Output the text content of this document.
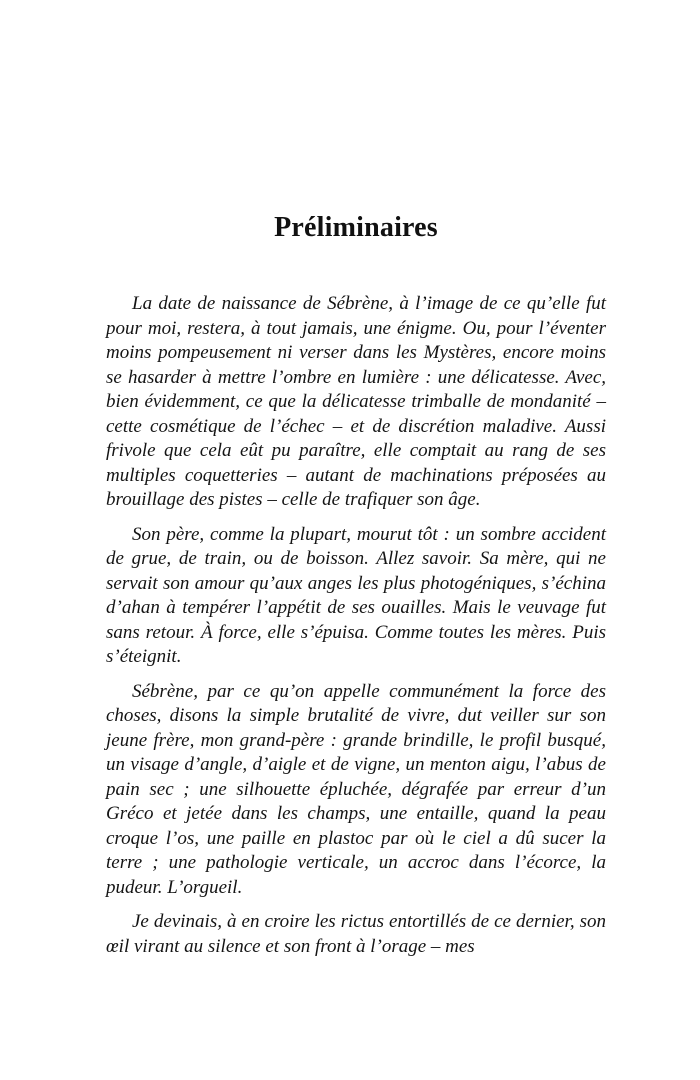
Préliminaires

La date de naissance de Sébrène, à l’image de ce qu’elle fut pour moi, restera, à tout jamais, une énigme. Ou, pour l’éventer moins pompeusement ni verser dans les Mystères, encore moins se hasarder à mettre l’ombre en lumière : une délicatesse. Avec, bien évidemment, ce que la délicatesse trimballe de mondanité – cette cosmétique de l’échec – et de discrétion maladive. Aussi frivole que cela eût pu paraître, elle comptait au rang de ses multiples coquetteries – autant de machinations préposées au brouillage des pistes – celle de trafiquer son âge.

Son père, comme la plupart, mourut tôt : un sombre accident de grue, de train, ou de boisson. Allez savoir. Sa mère, qui ne servait son amour qu’aux anges les plus photogéniques, s’échina d’ahan à tempérer l’appétit de ses ouailles. Mais le veuvage fut sans retour. À force, elle s’épuisa. Comme toutes les mères. Puis s’éteignit.

Sébrène, par ce qu’on appelle communément la force des choses, disons la simple brutalité de vivre, dut veiller sur son jeune frère, mon grand-père : grande brindille, le profil busqué, un visage d’angle, d’aigle et de vigne, un menton aigu, l’abus de pain sec ; une silhouette épluchée, dégrafée par erreur d’un Gréco et jetée dans les champs, une entaille, quand la peau croque l’os, une paille en plastoc par où le ciel a dû sucer la terre ; une pathologie verticale, un accroc dans l’écorce, la pudeur. L’orgueil.

Je devinais, à en croire les rictus entortillés de ce dernier, son œil virant au silence et son front à l’orage – mes
